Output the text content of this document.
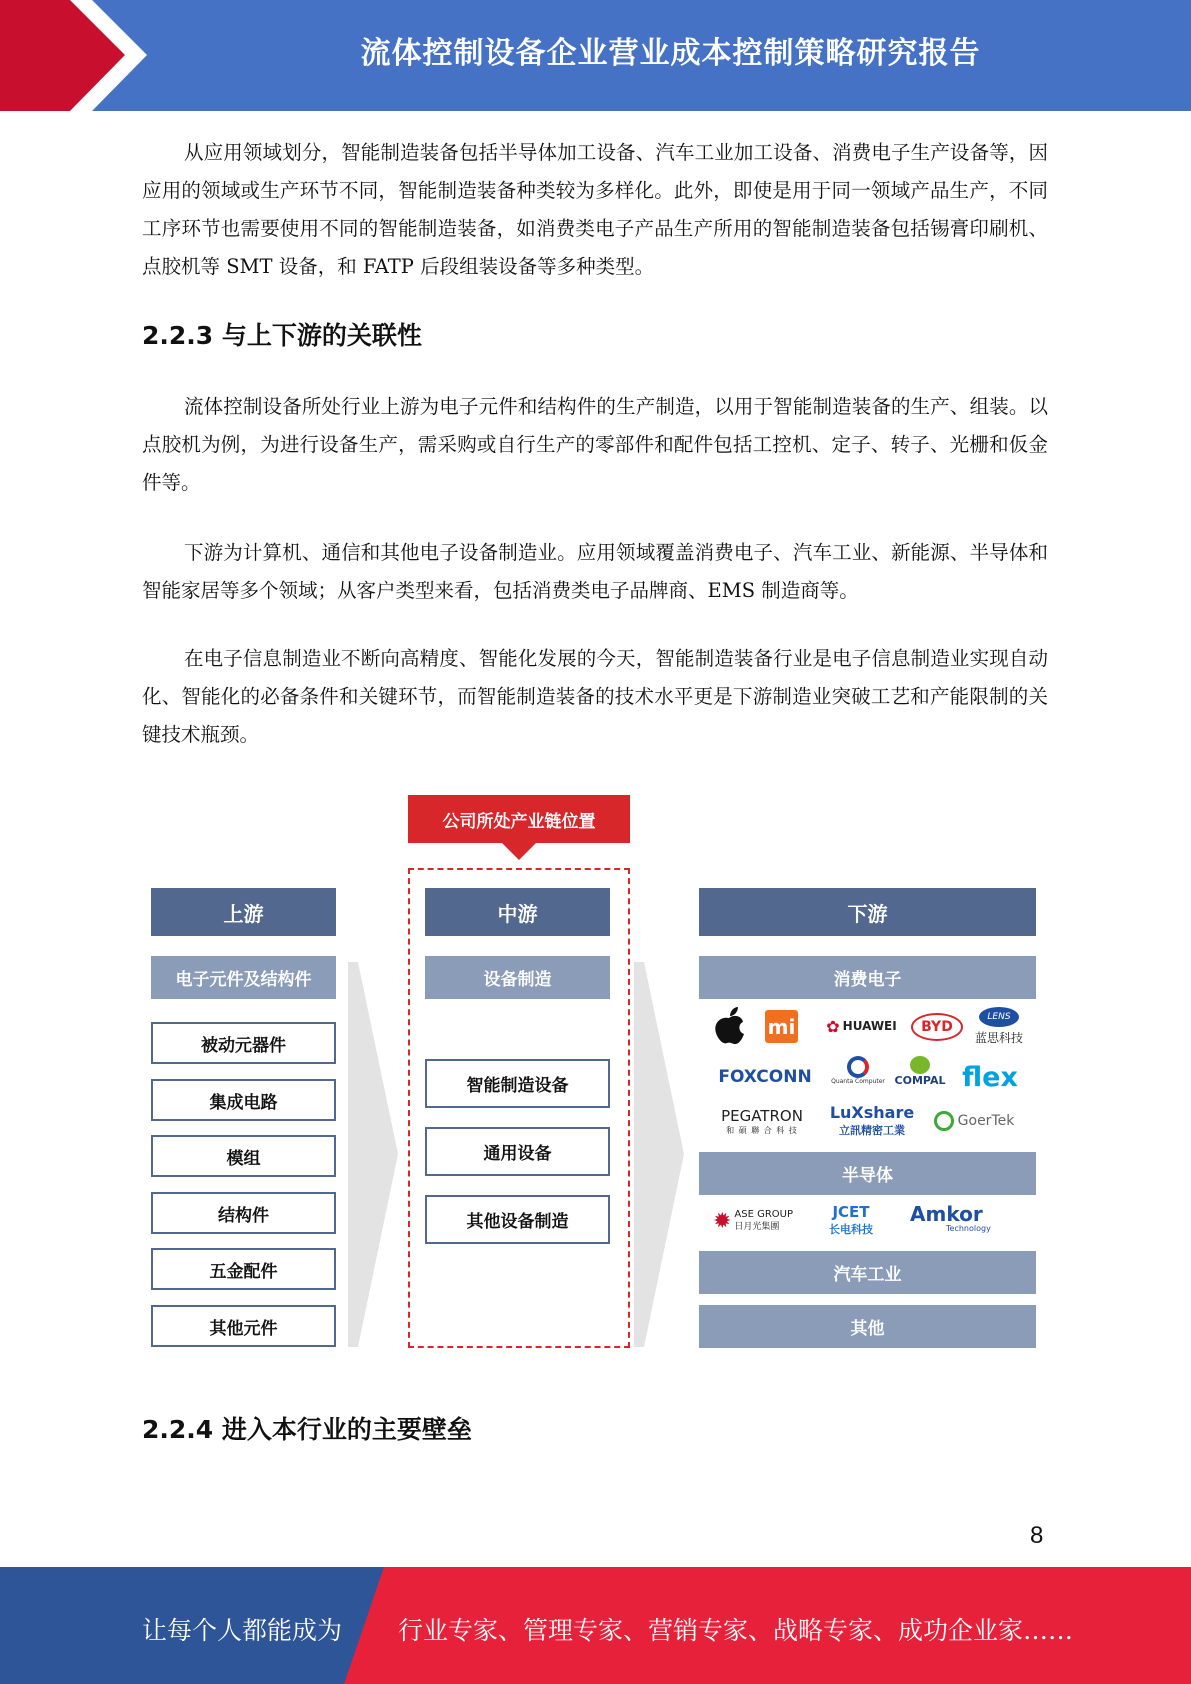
流体控制设备企业营业成本控制策略研究报告

从应用领域划分，智能制造装备包括半导体加工设备、汽车工业加工设备、消费电子生产设备等，因应用的领域或生产环节不同，智能制造装备种类较为多样化。此外，即使是用于同一领域产品生产，不同工序环节也需要使用不同的智能制造装备，如消费类电子产品生产所用的智能制造装备包括锡膏印刷机、点胶机等 SMT 设备，和 FATP 后段组装设备等多种类型。

2.2.3 与上下游的关联性

流体控制设备所处行业上游为电子元件和结构件的生产制造，以用于智能制造装备的生产、组装。以点胶机为例，为进行设备生产，需采购或自行生产的零部件和配件包括工控机、定子、转子、光栅和仮金件等。

下游为计算机、通信和其他电子设备制造业。应用领域覆盖消费电子、汽车工业、新能源、半导体和智能家居等多个领域；从客户类型来看，包括消费类电子品牌商、EMS 制造商等。

在电子信息制造业不断向高精度、智能化发展的今天，智能制造装备行业是电子信息制造业实现自动化、智能化的必备条件和关键环节，而智能制造装备的技术水平更是下游制造业突破工艺和产能限制的关键技术瓶颈。

公司所处产业链位置
上游
电子元件及结构件
被动元器件
集成电路
模组
结构件
五金配件
其他元件
中游
设备制造
智能制造设备
通用设备
其他设备制造
下游
消费电子
mi ✿ HUAWEI	BYD
LENS
蓝思科技
FOXCONN	Quanta Computer COMPAL flex
PEGATRON
和 碩 聯 合 科 技
LuXshare
立訊精密工業
GoerTek
半导体
✹ ASE GROUP
日月光集團
JCET
长电科技
Amkor
Technology
汽车工业
其他
2.2.4 进入本行业的主要壁垒
8
让每个人都能成为 行业专家、管理专家、营销专家、战略专家、成功企业家……
